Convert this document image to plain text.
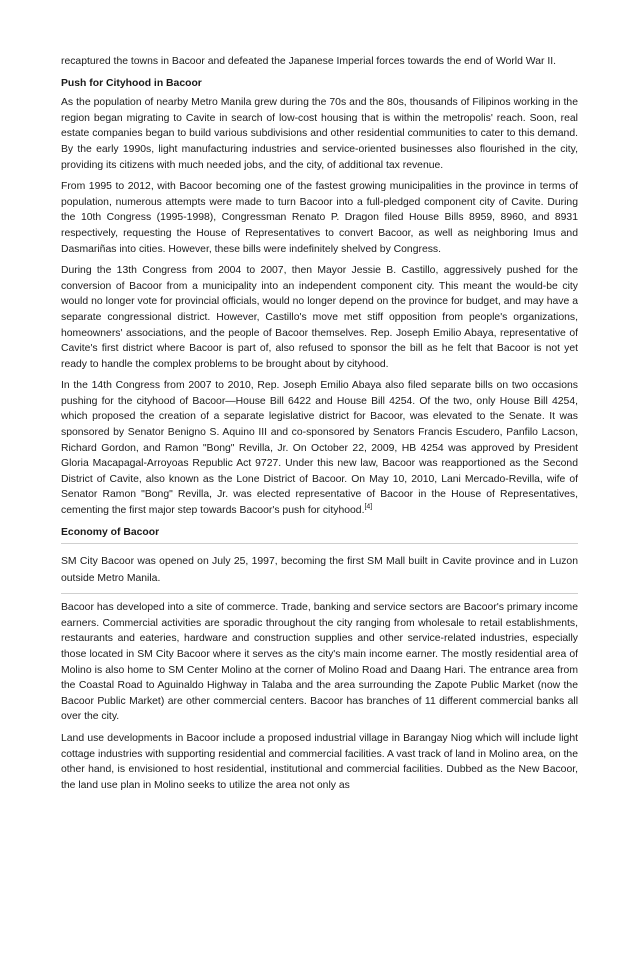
recaptured the towns in Bacoor and defeated the Japanese Imperial forces towards the end of World War II.

Push for Cityhood in Bacoor

As the population of nearby Metro Manila grew during the 70s and the 80s, thousands of Filipinos working in the region began migrating to Cavite in search of low-cost housing that is within the metropolis' reach. Soon, real estate companies began to build various subdivisions and other residential communities to cater to this demand. By the early 1990s, light manufacturing industries and service-oriented businesses also flourished in the city, providing its citizens with much needed jobs, and the city, of additional tax revenue.

From 1995 to 2012, with Bacoor becoming one of the fastest growing municipalities in the province in terms of population, numerous attempts were made to turn Bacoor into a full-pledged component city of Cavite. During the 10th Congress (1995-1998), Congressman Renato P. Dragon filed House Bills 8959, 8960, and 8931 respectively, requesting the House of Representatives to convert Bacoor, as well as neighboring Imus and Dasmariñas into cities. However, these bills were indefinitely shelved by Congress.

During the 13th Congress from 2004 to 2007, then Mayor Jessie B. Castillo, aggressively pushed for the conversion of Bacoor from a municipality into an independent component city. This meant the would-be city would no longer vote for provincial officials, would no longer depend on the province for budget, and may have a separate congressional district. However, Castillo's move met stiff opposition from people's organizations, homeowners' associations, and the people of Bacoor themselves. Rep. Joseph Emilio Abaya, representative of Cavite's first district where Bacoor is part of, also refused to sponsor the bill as he felt that Bacoor is not yet ready to handle the complex problems to be brought about by cityhood.

In the 14th Congress from 2007 to 2010, Rep. Joseph Emilio Abaya also filed separate bills on two occasions pushing for the cityhood of Bacoor—House Bill 6422 and House Bill 4254. Of the two, only House Bill 4254, which proposed the creation of a separate legislative district for Bacoor, was elevated to the Senate. It was sponsored by Senator Benigno S. Aquino III and co-sponsored by Senators Francis Escudero, Panfilo Lacson, Richard Gordon, and Ramon "Bong" Revilla, Jr. On October 22, 2009, HB 4254 was approved by President Gloria Macapagal-Arroyoas Republic Act 9727. Under this new law, Bacoor was reapportioned as the Second District of Cavite, also known as the Lone District of Bacoor. On May 10, 2010, Lani Mercado-Revilla, wife of Senator Ramon "Bong" Revilla, Jr. was elected representative of Bacoor in the House of Representatives, cementing the first major step towards Bacoor's push for cityhood.[4]

Economy of Bacoor

SM City Bacoor was opened on July 25, 1997, becoming the first SM Mall built in Cavite province and in Luzon outside Metro Manila.

Bacoor has developed into a site of commerce. Trade, banking and service sectors are Bacoor's primary income earners. Commercial activities are sporadic throughout the city ranging from wholesale to retail establishments, restaurants and eateries, hardware and construction supplies and other service-related industries, especially those located in SM City Bacoor where it serves as the city's main income earner. The mostly residential area of Molino is also home to SM Center Molino at the corner of Molino Road and Daang Hari. The entrance area from the Coastal Road to Aguinaldo Highway in Talaba and the area surrounding the Zapote Public Market (now the Bacoor Public Market) are other commercial centers. Bacoor has branches of 11 different commercial banks all over the city.

Land use developments in Bacoor include a proposed industrial village in Barangay Niog which will include light cottage industries with supporting residential and commercial facilities. A vast track of land in Molino area, on the other hand, is envisioned to host residential, institutional and commercial facilities. Dubbed as the New Bacoor, the land use plan in Molino seeks to utilize the area not only as
